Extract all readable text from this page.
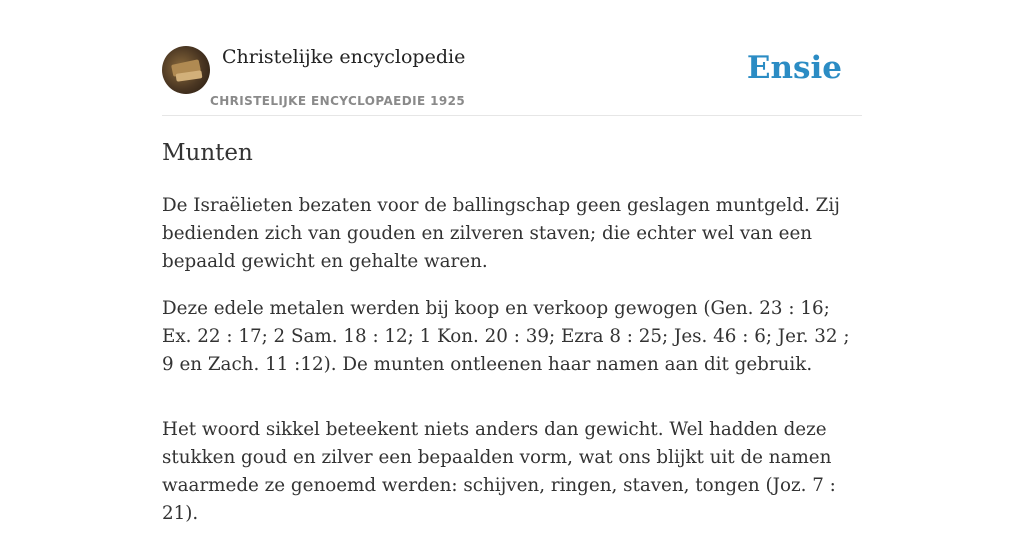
Christelijke encyclopedie
CHRISTELIJKE ENCYCLOPAEDIE 1925
Ensie
Munten

De Israëlieten bezaten voor de ballingschap geen geslagen muntgeld. Zij bedienden zich van gouden en zilveren staven; die echter wel van een bepaald gewicht en gehalte waren.

Deze edele metalen werden bij koop en verkoop gewogen (Gen. 23 : 16; Ex. 22 : 17; 2 Sam. 18 : 12; 1 Kon. 20 : 39; Ezra 8 : 25; Jes. 46 : 6; Jer. 32 ; 9 en Zach. 11 :12). De munten ontleenen haar namen aan dit gebruik.

Het woord sikkel beteekent niets anders dan gewicht. Wel hadden deze stukken goud en zilver een bepaalden vorm, wat ons blijkt uit de namen waarmede ze genoemd werden: schijven, ringen, staven, tongen (Joz. 7 : 21).
